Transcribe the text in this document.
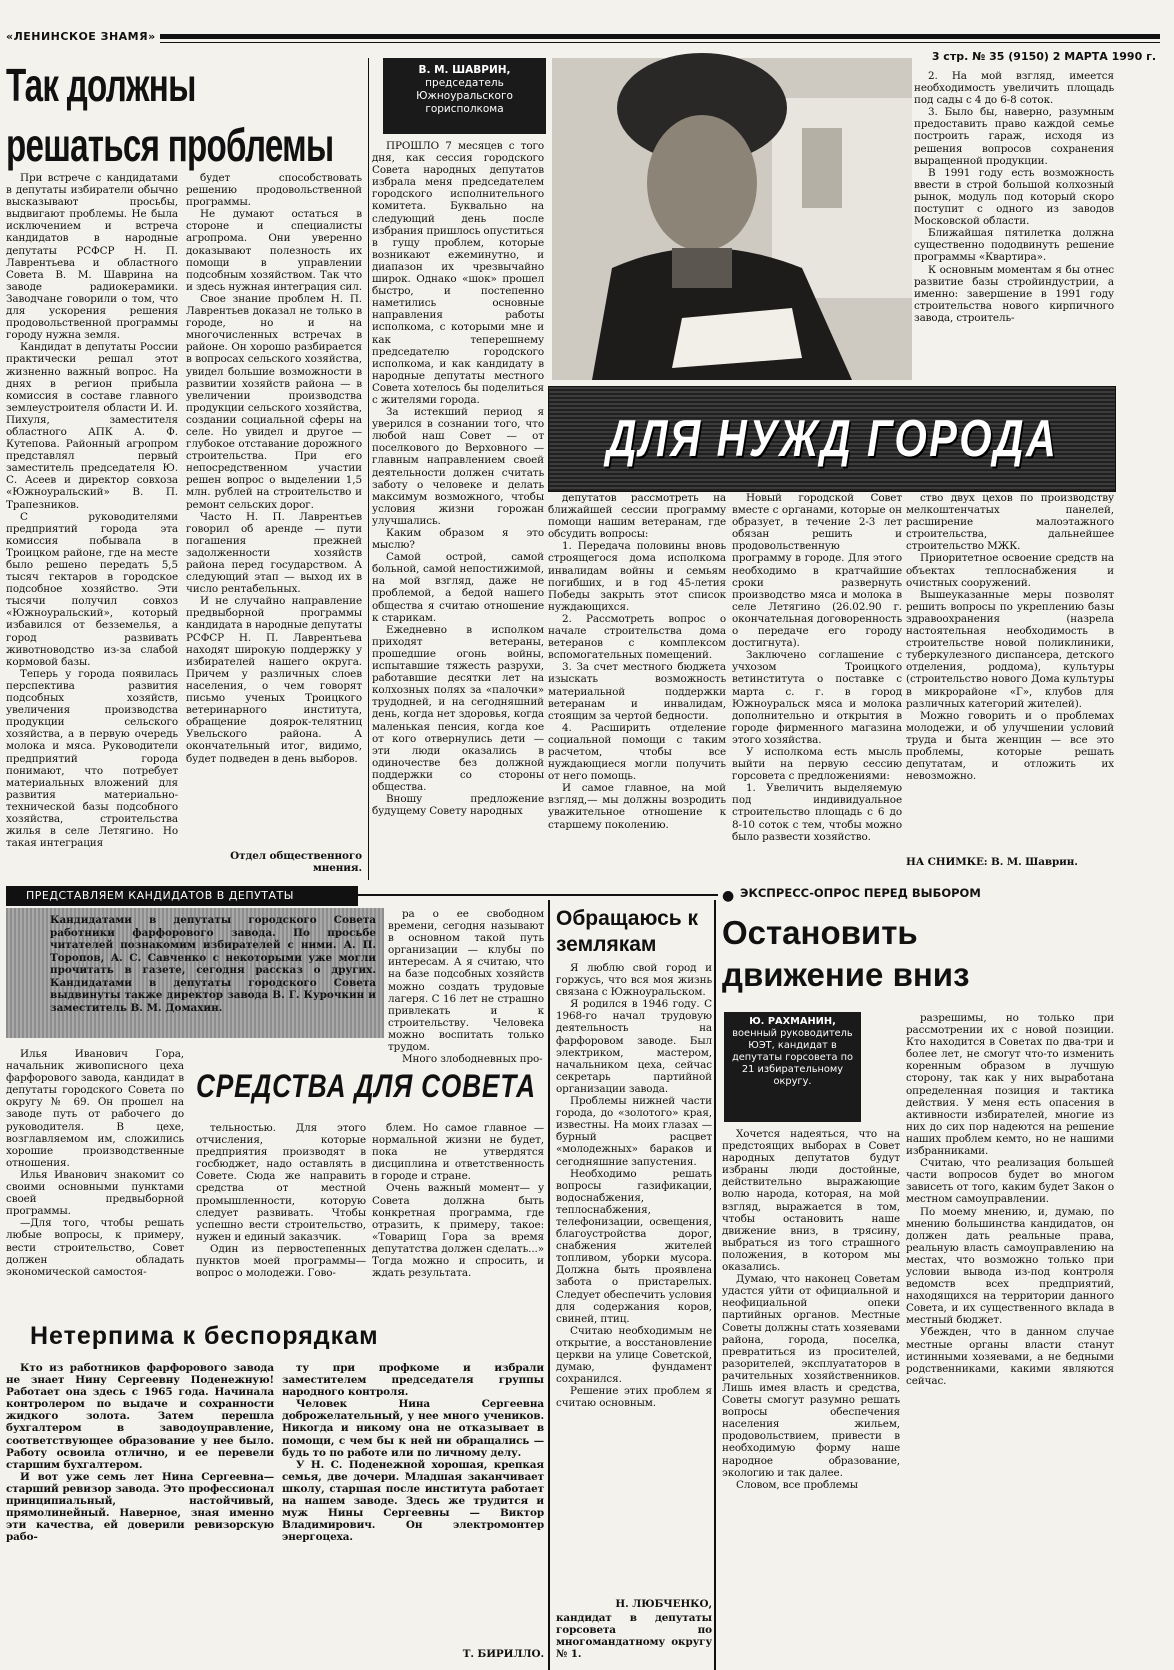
«ЛЕНИНСКОЕ ЗНАМЯ»
3 стр. № 35 (9150) 2 МАРТА 1990 г.
Так должны решаться проблемы

При встрече с кандидатами в депутаты избиратели обычно высказывают просьбы, выдвигают проблемы. Не была исключением и встреча кандидатов в народные депутаты РСФСР Н. П. Лаврентьева и областного Совета В. М. Шаврина на заводе радиокерамики. Заводчане говорили о том, что для ускорения решения продовольственной программы городу нужна земля.

Кандидат в депутаты России практически решал этот жизненно важный вопрос. На днях в регион прибыла комиссия в составе главного землеустроителя области И. И. Пихуля, заместителя областного АПК А. Ф. Кутепова. Районный агропром представлял первый заместитель председателя Ю. С. Асеев и директор совхоза «Южноуральский» В. П. Трапезников.

С руководителями предприятий города эта комиссия побывала в Троицком районе, где на месте было решено передать 5,5 тысяч гектаров в городское подсобное хозяйство. Эти тысячи получил совхоз «Южноуральский», который избавился от безземелья, а город развивать животноводство из-за слабой кормовой базы.

Теперь у города появилась перспектива развития подсобных хозяйств, увеличения производства продукции сельского хозяйства, а в первую очередь молока и мяса. Руководители предприятий города понимают, что потребует материальных вложений для развития материально-технической базы подсобного хозяйства, строительства жилья в селе Летягино. Но такая интеграция

будет способствовать решению продовольственной программы.

Не думают остаться в стороне и специалисты агропрома. Они уверенно доказывают полезность их помощи в управлении подсобным хозяйством. Так что и здесь нужная интеграция сил.

Свое знание проблем Н. П. Лаврентьев доказал не только в городе, но и на многочисленных встречах в районе. Он хорошо разбирается в вопросах сельского хозяйства, увидел большие возможности в развитии хозяйств района — в увеличении производства продукции сельского хозяйства, создании социальной сферы на селе. Но увидел и другое — глубокое отставание дорожного строительства. При его непосредственном участии решен вопрос о выделении 1,5 млн. рублей на строительство и ремонт сельских дорог.

Часто Н. П. Лаврентьев говорил об аренде — пути погашения прежней задолженности хозяйств района перед государством. А следующий этап — выход их в число рентабельных.

И не случайно направление предвыборной программы кандидата в народные депутаты РСФСР Н. П. Лаврентьева находят широкую поддержку у избирателей нашего округа. Причем у различных слоев населения, о чем говорят письмо ученых Троицкого ветеринарного института, обращение доярок-телятниц Увельского района. А окончательный итог, видимо, будет подведен в день выборов.

Отдел общественного мнения.
В. М. ШАВРИН,
председатель Южноуральского горисполкома

ПРОШЛО 7 месяцев с того дня, как сессия городского Совета народных депутатов избрала меня председателем городского исполнительного комитета. Буквально на следующий день после избрания пришлось опуститься в гущу проблем, которые возникают ежеминутно, и диапазон их чрезвычайно широк. Однако «шок» прошел быстро, и постепенно наметились основные направления работы исполкома, с которыми мне и как теперешнему председателю городского исполкома, и как кандидату в народные депутаты местного Совета хотелось бы поделиться с жителями города.

За истекший период я уверился в сознании того, что любой наш Совет — от поселкового до Верховного — главным направлением своей деятельности должен считать заботу о человеке и делать максимум возможного, чтобы условия жизни горожан улучшались.

Каким образом я это мыслю?

Самой острой, самой больной, самой непостижимой, на мой взгляд, даже не проблемой, а бедой нашего общества я считаю отношение к старикам.

Ежедневно в исполком приходят ветераны, прошедшие огонь войны, испытавшие тяжесть разрухи, работавшие десятки лет на колхозных полях за «палочки» трудодней, и на сегодняшний день, когда нет здоровья, когда маленькая пенсия, когда кое от кого отвернулись дети — эти люди оказались в одиночестве без должной поддержки со стороны общества.

Вношу предложение будущему Совету народных

2. На мой взгляд, имеется необходимость увеличить площадь под сады с 4 до 6-8 соток.

3. Было бы, наверно, разумным предоставить право каждой семье построить гараж, исходя из решения вопросов сохранения выращенной продукции.

В 1991 году есть возможность ввести в строй большой колхозный рынок, модуль под который скоро поступит с одного из заводов Московской области.

Ближайшая пятилетка должна существенно пододвинуть решение программы «Квартира».

К основным моментам я бы отнес развитие базы стройиндустрии, а именно: завершение в 1991 году строительства нового кирпичного завода, строитель-

ДЛЯ НУЖД ГОРОДА

депутатов рассмотреть на ближайшей сессии программу помощи нашим ветеранам, где обсудить вопросы:

1. Передача половины вновь строящегося дома исполкома инвалидам войны и семьям погибших, и в год 45-летия Победы закрыть этот список нуждающихся.

2. Рассмотреть вопрос о начале строительства дома ветеранов с комплексом вспомогательных помещений.

3. За счет местного бюджета изыскать возможность материальной поддержки ветеранам и инвалидам, стоящим за чертой бедности.

4. Расширить отделение социальной помощи с таким расчетом, чтобы все нуждающиеся могли получить от него помощь.

И самое главное, на мой взгляд,— мы должны возродить уважительное отношение к старшему поколению.

Новый городской Совет вместе с органами, которые он образует, в течение 2-3 лет обязан решить и продовольственную программу в городе. Для этого необходимо в кратчайшие сроки развернуть производство мяса и молока в селе Летягино (26.02.90 г. окончательная договоренность о передаче его городу достигнута).

Заключено соглашение с учхозом Троицкого ветинститута о поставке с марта с. г. в город Южноуральск мяса и молока дополнительно и открытия в городе фирменного магазина этого хозяйства.

У исполкома есть мысль выйти на первую сессию горсовета с предложениями:

1. Увеличить выделяемую под индивидуальное строительство площадь с 6 до 8-10 соток с тем, чтобы можно было развести хозяйство.

ство двух цехов по производству мелкоштенчатых панелей, расширение малоэтажного строительства, дальнейшее строительство МЖК.

Приоритетное освоение средств на объектах теплоснабжения и очистных сооружений.

Вышеуказанные меры позволят решить вопросы по укреплению базы здравоохранения (назрела настоятельная необходимость в строительстве новой поликлиники, туберкулезного диспансера, детского отделения, роддома), культуры (строительство нового Дома культуры в микрорайоне «Г», клубов для различных категорий жителей).

Можно говорить и о проблемах молодежи, и об улучшении условий труда и быта женщин — все это проблемы, которые решать депутатам, и отложить их невозможно.

НА СНИМКЕ: В. М. Шаврин.
ПРЕДСТАВЛЯЕМ КАНДИДАТОВ В ДЕПУТАТЫ
Кандидатами в депутаты городского Совета работники фарфорового завода. По просьбе читателей познакомим избирателей с ними. А. П. Торопов, А. С. Савченко с некоторыми уже могли прочитать в газете, сегодня рассказ о других. Кандидатами в депутаты городского Совета выдвинуты также директор завода В. Г. Курочкин и заместитель В. М. Домахин.

Илья Иванович Гора, начальник живописного цеха фарфорового завода, кандидат в депутаты городского Совета по округу № 69. Он прошел на заводе путь от рабочего до руководителя. В цехе, возглавляемом им, сложились хорошие производственные отношения.

Илья Иванович знакомит со своими основными пунктами своей предвыборной программы.

—Для того, чтобы решать любые вопросы, к примеру, вести строительство, Совет должен обладать экономической самостоя-

ра о ее свободном времени, сегодня называют в основном такой путь организации — клубы по интересам. А я считаю, что на базе подсобных хозяйств можно создать трудовые лагеря. С 16 лет не страшно привлекать и к строительству. Человека можно воспитать только трудом.

Много злободневных про-

СРЕДСТВА ДЛЯ СОВЕТА

тельностью. Для этого отчисления, которые предприятия производят в госбюджет, надо оставлять в Совете. Сюда же направить средства от местной промышленности, которую следует развивать. Чтобы успешно вести строительство, нужен и единый заказчик.

Один из первостепенных пунктов моей программы— вопрос о молодежи. Гово-

блем. Но самое главное — нормальной жизни не будет, пока не утвердятся дисциплина и ответственность в городе и стране.

Очень важный момент— у Совета должна быть конкретная программа, где отразить, к примеру, такое: «Товарищ Гора за время депутатства должен сделать...» Тогда можно и спросить, и ждать результата.

Обращаюсь к землякам

Я люблю свой город и горжусь, что вся моя жизнь связана с Южноуральском.

Я родился в 1946 году. С 1968-го начал трудовую деятельность на фарфоровом заводе. Был электриком, мастером, начальником цеха, сейчас секретарь партийной организации завода.

Проблемы нижней части города, до «золотого» края, известны. На моих глазах — бурный расцвет «молодежных» бараков и сегодняшние запустения.

Необходимо решать вопросы газификации, водоснабжения, теплоснабжения, телефонизации, освещения, благоустройства дорог, снабжения жителей топливом, уборки мусора. Должна быть проявлена забота о пристарелых. Следует обеспечить условия для содержания коров, свиней, птиц.

Считаю необходимым не открытие, а восстановление церкви на улице Советской, думаю, фундамент сохранился.

Решение этих проблем я считаю основным.

Н. ЛЮБЧЕНКО,
кандидат в депутаты горсовета по многомандатному округу № 1.
Нетерпима к беспорядкам

Кто из работников фарфорового завода не знает Нину Сергеевну Поденежную! Работает она здесь с 1965 года. Начинала контролером по выдаче и сохранности жидкого золота. Затем перешла бухгалтером в заводоуправление, соответствующее образование у нее было. Работу освоила отлично, и ее перевели старшим бухгалтером.

И вот уже семь лет Нина Сергеевна— старший ревизор завода. Это профессионал принципиальный, настойчивый, прямолинейный. Наверное, зная именно эти качества, ей доверили ревизорскую рабо-

ту при профкоме и избрали заместителем председателя группы народного контроля.

Человек Нина Сергеевна доброжелательный, у нее много учеников. Никогда и никому она не отказывает в помощи, с чем бы к ней ни обращались — будь то по работе или по личному делу.

У Н. С. Поденежной хорошая, крепкая семья, две дочери. Младшая заканчивает школу, старшая после института работает на нашем заводе. Здесь же трудится и муж Нины Сергеевны — Виктор Владимирович. Он электромонтер энергоцеха.

Т. БИРИЛЛО.
● ЭКСПРЕСС-ОПРОС ПЕРЕД ВЫБОРОМ
Остановить движение вниз
Ю. РАХМАНИН,
военный руководитель ЮЭТ, кандидат в депутаты горсовета по 21 избирательному округу.

Хочется надеяться, что на предстоящих выборах в Совет народных депутатов будут избраны люди достойные, действительно выражающие волю народа, которая, на мой взгляд, выражается в том, чтобы остановить наше движение вниз, в трясину, выбраться из того страшного положения, в котором мы оказались.

Думаю, что наконец Советам удастся уйти от официальной и неофициальной опеки партийных органов. Местные Советы должны стать хозяевами района, города, поселка, превратиться из просителей, разорителей, эксплуататоров в рачительных хозяйственников. Лишь имея власть и средства, Советы смогут разумно решать вопросы обеспечения населения жильем, продовольствием, привести в необходимую форму наше народное образование, экологию и так далее.

Словом, все проблемы

разрешимы, но только при рассмотрении их с новой позиции. Кто находится в Советах по два-три и более лет, не смогут что-то изменить коренным образом в лучшую сторону, так как у них выработана определенная позиция и тактика действия. У меня есть опасения в активности избирателей, многие из них до сих пор надеются на решение наших проблем кемто, но не нашими избранниками.

Считаю, что реализация большей части вопросов будет во многом зависеть от того, каким будет Закон о местном самоуправлении.

По моему мнению, и, думаю, по мнению большинства кандидатов, он должен дать реальные права, реальную власть самоуправлению на местах, что возможно только при условии вывода из-под контроля ведомств всех предприятий, находящихся на территории данного Совета, и их существенного вклада в местный бюджет.

Убежден, что в данном случае местные органы власти станут истинными хозяевами, а не бедными родственниками, какими являются сейчас.
